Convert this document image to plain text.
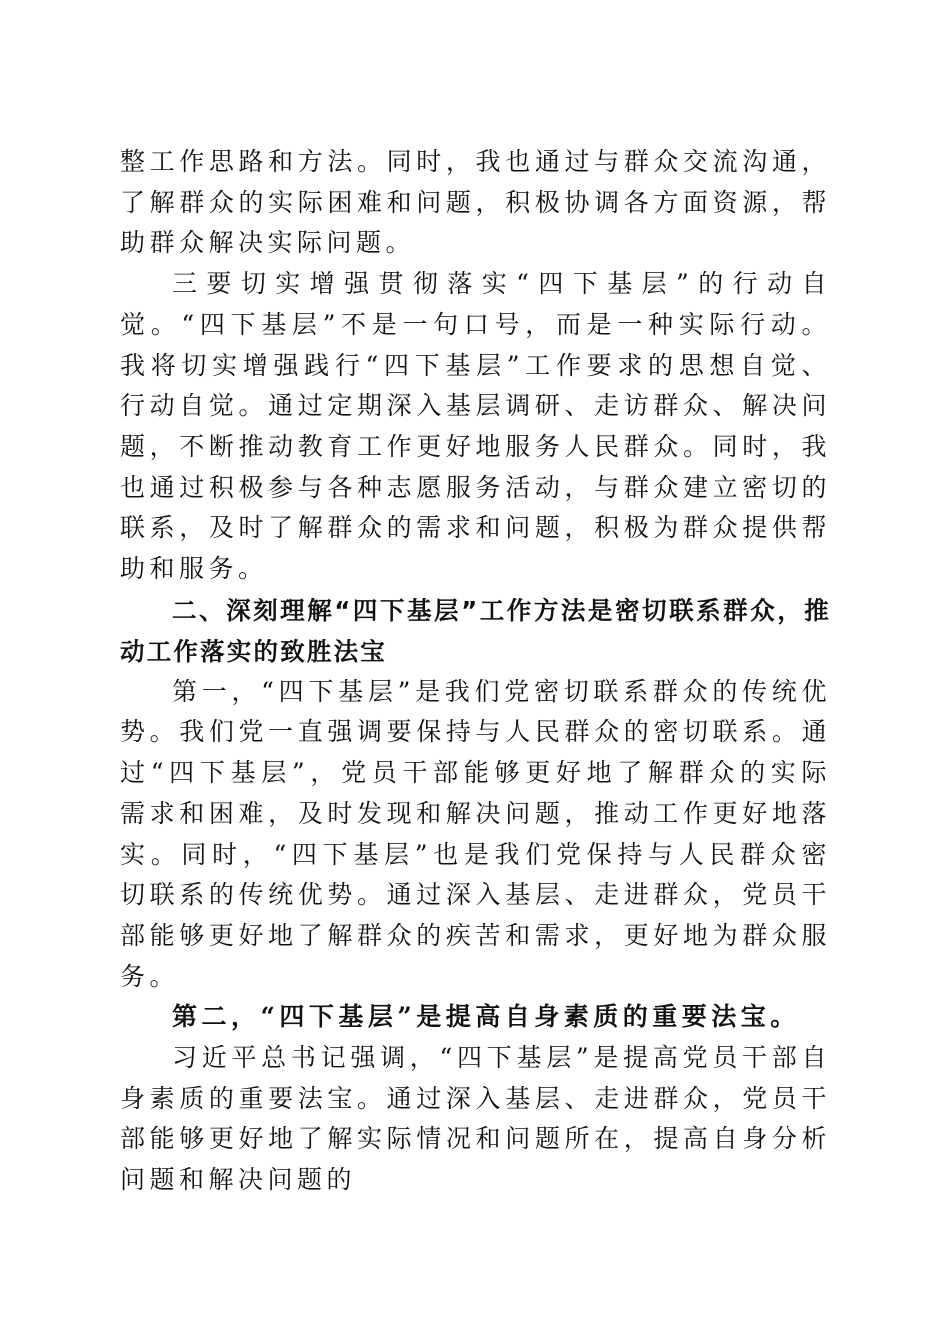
整工作思路和方法。同时，我也通过与群众交流沟通，了解群众的实际困难和问题，积极协调各方面资源，帮助群众解决实际问题。

三要切实增强贯彻落实“四下基层”的行动自觉。“四下基层”不是一句口号，而是一种实际行动。我将切实增强践行“四下基层”工作要求的思想自觉、行动自觉。通过定期深入基层调研、走访群众、解决问题，不断推动教育工作更好地服务人民群众。同时，我也通过积极参与各种志愿服务活动，与群众建立密切的联系，及时了解群众的需求和问题，积极为群众提供帮助和服务。

二、深刻理解“四下基层”工作方法是密切联系群众，推动工作落实的致胜法宝

第一，“四下基层”是我们党密切联系群众的传统优势。我们党一直强调要保持与人民群众的密切联系。通过“四下基层”，党员干部能够更好地了解群众的实际需求和困难，及时发现和解决问题，推动工作更好地落实。同时，“四下基层”也是我们党保持与人民群众密切联系的传统优势。通过深入基层、走进群众，党员干部能够更好地了解群众的疾苦和需求，更好地为群众服务。

第二，“四下基层”是提高自身素质的重要法宝。

习近平总书记强调，“四下基层”是提高党员干部自身素质的重要法宝。通过深入基层、走进群众，党员干部能够更好地了解实际情况和问题所在，提高自身分析问题和解决问题的
